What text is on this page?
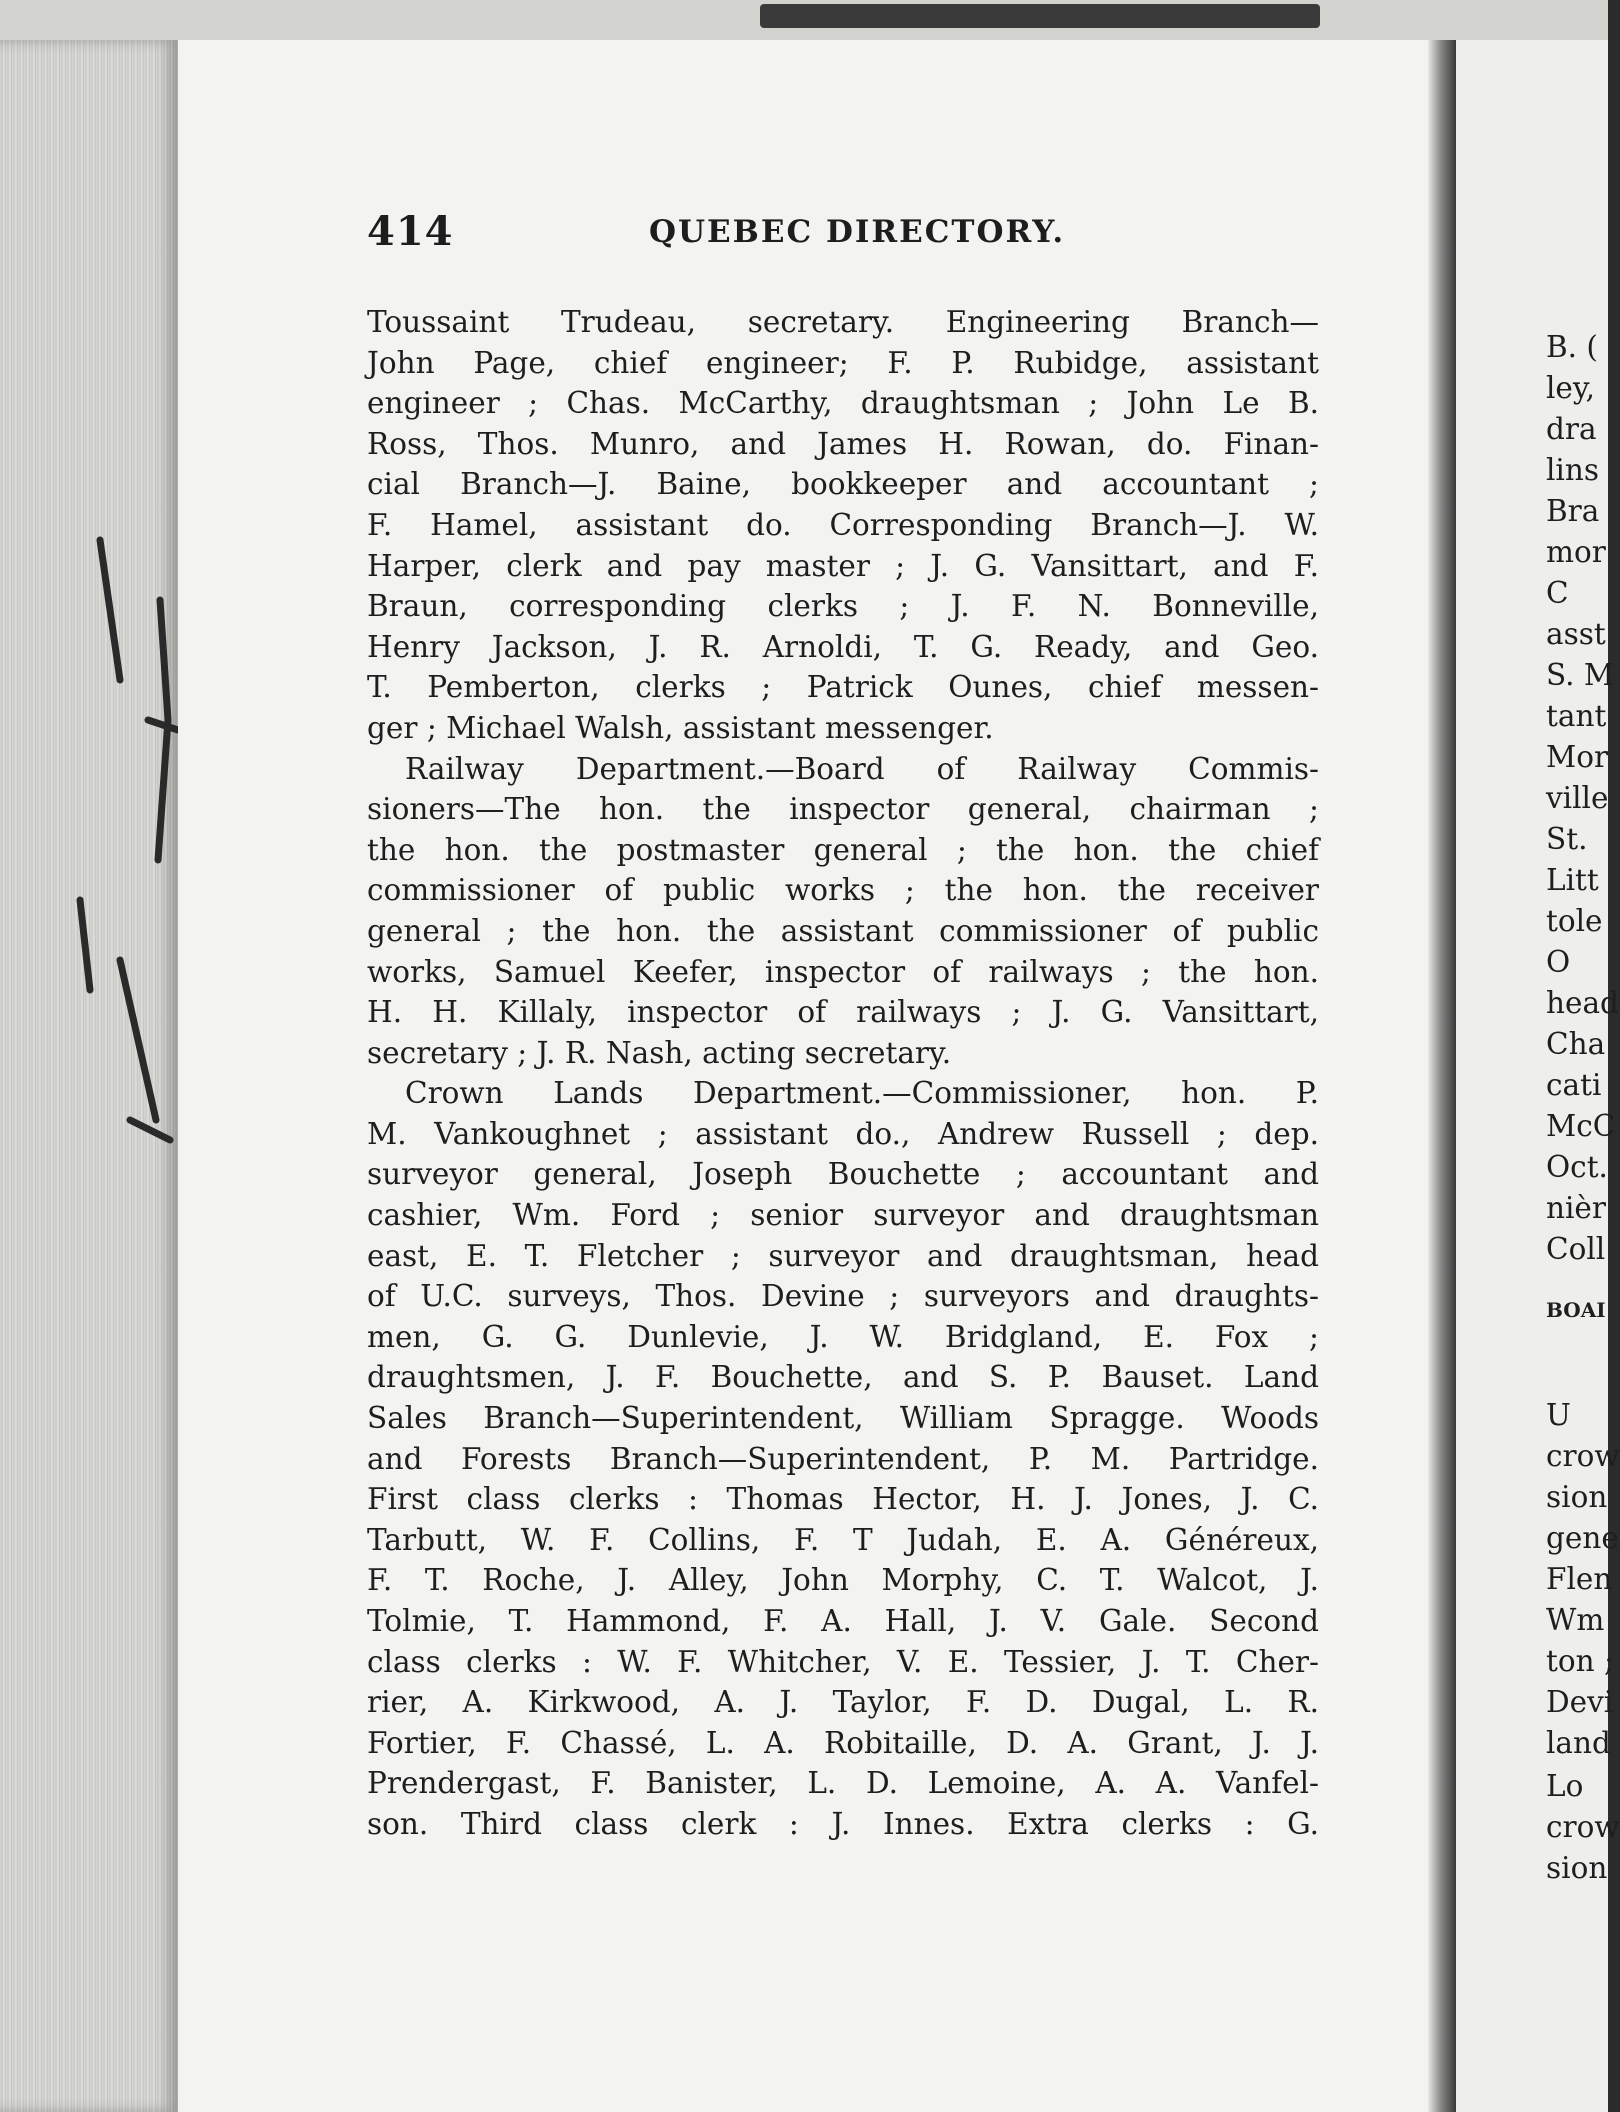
414	QUEBEC DIRECTORY.
Toussaint Trudeau, secretary. Engineering Branch—
John Page, chief engineer; F. P. Rubidge, assistant
engineer ; Chas. McCarthy, draughtsman ; John Le B.
Ross, Thos. Munro, and James H. Rowan, do. Finan-
cial Branch—J. Baine, bookkeeper and accountant ;
F. Hamel, assistant do. Corresponding Branch—J. W.
Harper, clerk and pay master ; J. G. Vansittart, and F.
Braun, corresponding clerks ; J. F. N. Bonneville,
Henry Jackson, J. R. Arnoldi, T. G. Ready, and Geo.
T. Pemberton, clerks ; Patrick Ounes, chief messen-
ger ; Michael Walsh, assistant messenger.
Railway Department.—Board of Railway Commis-
sioners—The hon. the inspector general, chairman ;
the hon. the postmaster general ; the hon. the chief
commissioner of public works ; the hon. the receiver
general ; the hon. the assistant commissioner of public
works, Samuel Keefer, inspector of railways ; the hon.
H. H. Killaly, inspector of railways ; J. G. Vansittart,
secretary ; J. R. Nash, acting secretary.
Crown Lands Department.—Commissioner, hon. P.
M. Vankoughnet ; assistant do., Andrew Russell ; dep.
surveyor general, Joseph Bouchette ; accountant and
cashier, Wm. Ford ; senior surveyor and draughtsman
east, E. T. Fletcher ; surveyor and draughtsman, head
of U.C. surveys, Thos. Devine ; surveyors and draughts-
men, G. G. Dunlevie, J. W. Bridgland, E. Fox ;
draughtsmen, J. F. Bouchette, and S. P. Bauset. Land
Sales Branch—Superintendent, William Spragge. Woods
and Forests Branch—Superintendent, P. M. Partridge.
First class clerks : Thomas Hector, H. J. Jones, J. C.
Tarbutt, W. F. Collins, F. T Judah, E. A. Généreux,
F. T. Roche, J. Alley, John Morphy, C. T. Walcot, J.
Tolmie, T. Hammond, F. A. Hall, J. V. Gale. Second
class clerks : W. F. Whitcher, V. E. Tessier, J. T. Cher-
rier, A. Kirkwood, A. J. Taylor, F. D. Dugal, L. R.
Fortier, F. Chassé, L. A. Robitaille, D. A. Grant, J. J.
Prendergast, F. Banister, L. D. Lemoine, A. A. Vanfel-
son. Third class clerk : J. Innes. Extra clerks : G.
B. (
ley,
dra
lins
Bra
mor
C
asst
S. M
tant
Mor
ville
St.
Litt
tole
O
head
Cha
cati
McC
Oct.
nièr
Coll
BOAI
U
crow
sion
gene
Flen
Wm
ton ;
Devi
land
Lo
crow
sion
